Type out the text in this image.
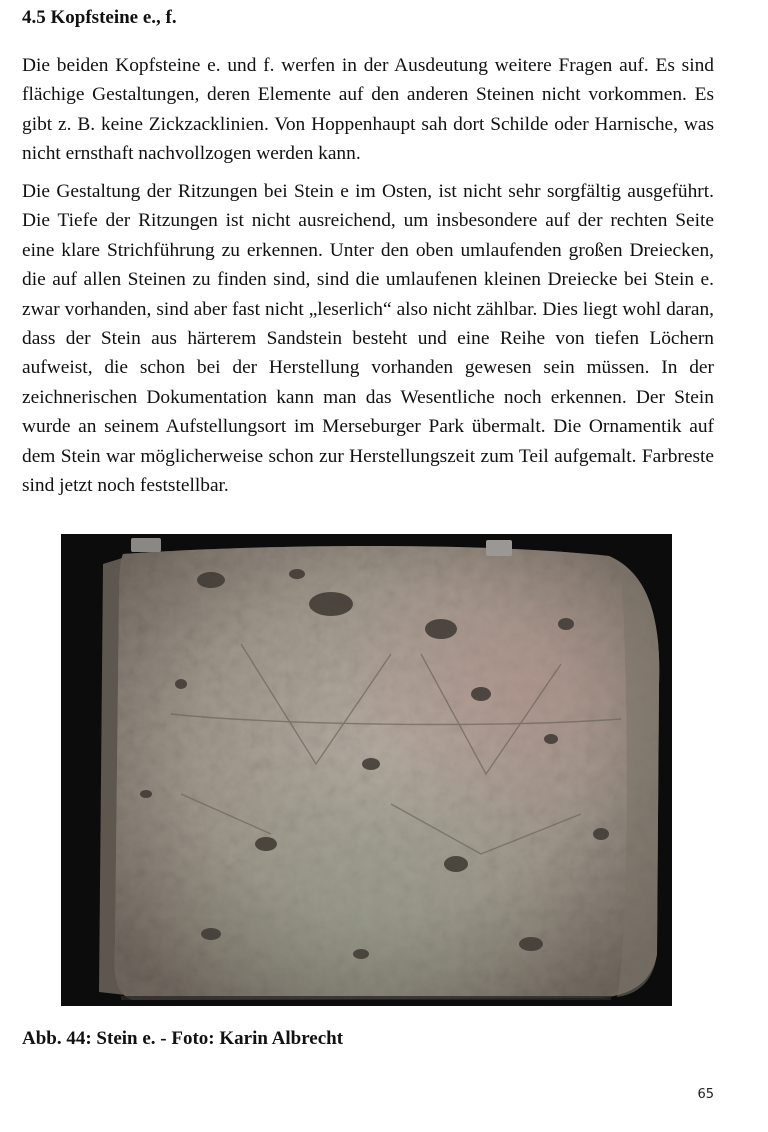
4.5 Kopfsteine e., f.

Die beiden Kopfsteine e. und f. werfen in der Ausdeutung weitere Fragen auf. Es sind flächige Gestaltungen, deren Elemente auf den anderen Steinen nicht vorkommen. Es gibt z. B. keine Zickzacklinien. Von Hoppenhaupt sah dort Schilde oder Harnische, was nicht ernsthaft nachvollzogen werden kann.

Die Gestaltung der Ritzungen bei Stein e im Osten, ist nicht sehr sorgfältig ausgeführt. Die Tiefe der Ritzungen ist nicht ausreichend, um insbesondere auf der rechten Seite eine klare Strichführung zu erkennen. Unter den oben umlaufenden großen Dreiecken, die auf allen Steinen zu finden sind, sind die umlaufenen kleinen Dreiecke bei Stein e. zwar vorhanden, sind aber fast nicht „leserlich“ also nicht zählbar. Dies liegt wohl daran, dass der Stein aus härterem Sandstein besteht und eine Reihe von tiefen Löchern aufweist, die schon bei der Herstellung vorhanden gewesen sein müssen. In der zeichnerischen Dokumentation kann man das Wesentliche noch erkennen. Der Stein wurde an seinem Aufstellungsort im Merseburger Park übermalt. Die Ornamentik auf dem Stein war möglicherweise schon zur Herstellungszeit zum Teil aufgemalt. Farbreste sind jetzt noch feststellbar.

Abb. 44: Stein e. - Foto: Karin Albrecht

65
